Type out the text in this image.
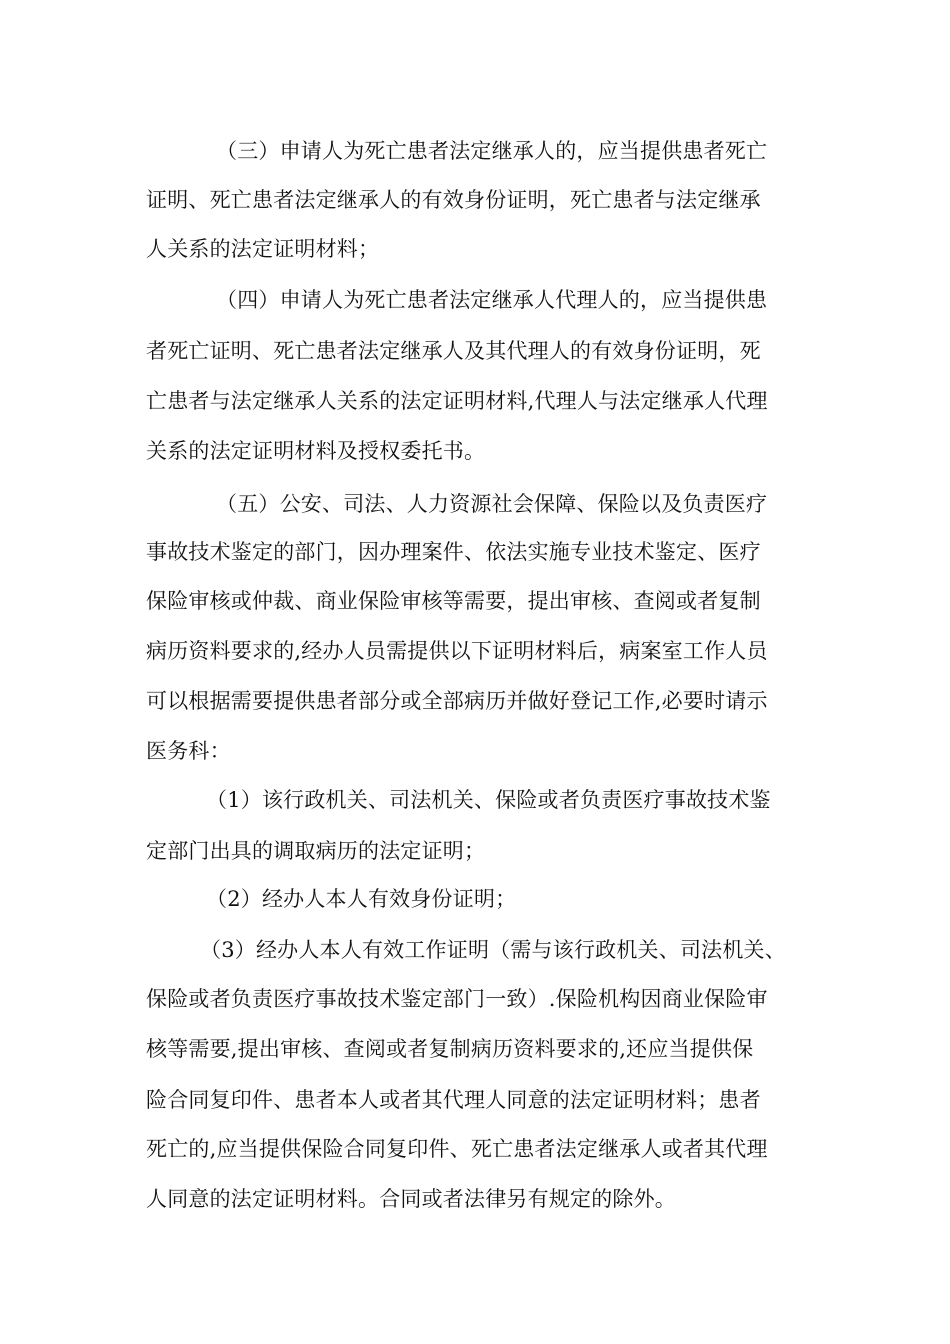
（三）申请人为死亡患者法定继承人的，应当提供患者死亡
证明、死亡患者法定继承人的有效身份证明，死亡患者与法定继承
人关系的法定证明材料；
（四）申请人为死亡患者法定继承人代理人的，应当提供患
者死亡证明、死亡患者法定继承人及其代理人的有效身份证明，死
亡患者与法定继承人关系的法定证明材料,代理人与法定继承人代理
关系的法定证明材料及授权委托书。
（五）公安、司法、人力资源社会保障、保险以及负责医疗
事故技术鉴定的部门，因办理案件、依法实施专业技术鉴定、医疗
保险审核或仲裁、商业保险审核等需要，提出审核、查阅或者复制
病历资料要求的,经办人员需提供以下证明材料后，病案室工作人员
可以根据需要提供患者部分或全部病历并做好登记工作,必要时请示
医务科：
（1）该行政机关、司法机关、保险或者负责医疗事故技术鉴
定部门出具的调取病历的法定证明；
（2）经办人本人有效身份证明；
（3）经办人本人有效工作证明（需与该行政机关、司法机关、
保险或者负责医疗事故技术鉴定部门一致）.保险机构因商业保险审
核等需要,提出审核、查阅或者复制病历资料要求的,还应当提供保
险合同复印件、患者本人或者其代理人同意的法定证明材料；患者
死亡的,应当提供保险合同复印件、死亡患者法定继承人或者其代理
人同意的法定证明材料。合同或者法律另有规定的除外。
